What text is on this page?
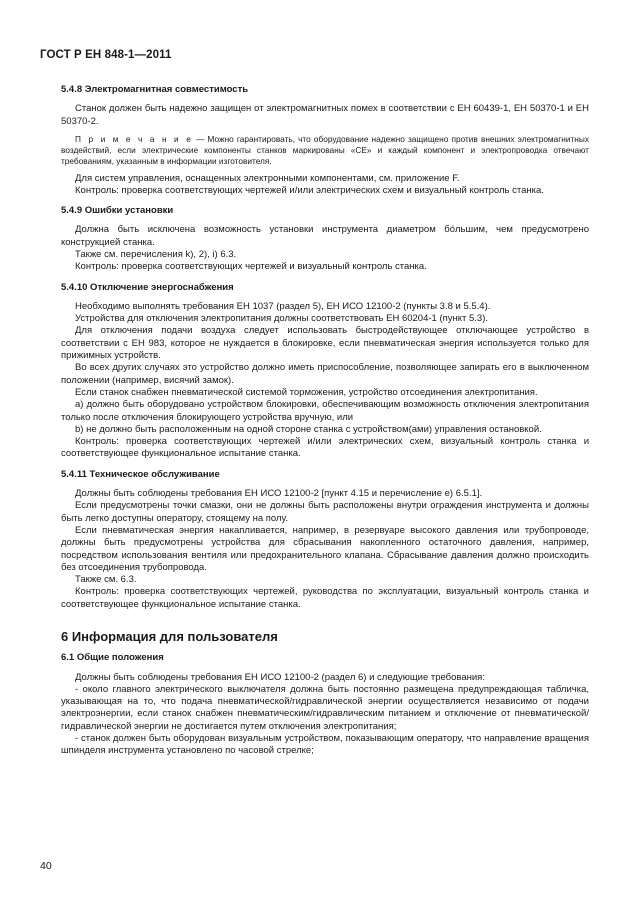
ГОСТ Р ЕН 848-1—2011
5.4.8 Электромагнитная совместимость

Станок должен быть надежно защищен от электромагнитных помех в соответствии с ЕН 60439-1, ЕН 50370-1 и ЕН 50370-2.

П р и м е ч а н и е — Можно гарантировать, что оборудование надежно защищено против внешних электромагнитных воздействий, если электрические компоненты станков маркированы «СЕ» и каждый компонент и электропроводка отвечают требованиям, указанным в информации изготовителя.

Для систем управления, оснащенных электронными компонентами, см. приложение F.

Контроль: проверка соответствующих чертежей и/или электрических схем и визуальный контроль станка.

5.4.9 Ошибки установки

Должна быть исключена возможность установки инструмента диаметром бóльшим, чем предусмотрено конструкцией станка.

Также см. перечисления k), 2), i) 6.3.

Контроль: проверка соответствующих чертежей и визуальный контроль станка.

5.4.10 Отключение энергоснабжения

Необходимо выполнять требования ЕН 1037 (раздел 5), ЕН ИСО 12100-2 (пункты 3.8 и 5.5.4).

Устройства для отключения электропитания должны соответствовать ЕН 60204-1 (пункт 5.3).

Для отключения подачи воздуха следует использовать быстродействующее отключающее устройство в соответствии с ЕН 983, которое не нуждается в блокировке, если пневматическая энергия используется только для прижимных устройств.

Во всех других случаях это устройство должно иметь приспособление, позволяющее запирать его в выключенном положении (например, висячий замок).

Если станок снабжен пневматической системой торможения, устройство отсоединения электропитания.

а) должно быть оборудовано устройством блокировки, обеспечивающим возможность отключения электропитания только после отключения блокирующего устройства вручную, или

b) не должно быть расположенным на одной стороне станка с устройством(ами) управления остановкой.

Контроль: проверка соответствующих чертежей и/или электрических схем, визуальный контроль станка и соответствующее функциональное испытание станка.

5.4.11 Техническое обслуживание

Должны быть соблюдены требования ЕН ИСО 12100-2 [пункт 4.15 и перечисление е) 6.5.1].

Если предусмотрены точки смазки, они не должны быть расположены внутри ограждения инструмента и должны быть легко доступны оператору, стоящему на полу.

Если пневматическая энергия накапливается, например, в резервуаре высокого давления или трубопроводе, должны быть предусмотрены устройства для сбрасывания накопленного остаточного давления, например, посредством использования вентиля или предохранительного клапана. Сбрасывание давления должно происходить без отсоединения трубопровода.

Также см. 6.3.

Контроль: проверка соответствующих чертежей, руководства по эксплуатации, визуальный контроль станка и соответствующее функциональное испытание станка.

6 Информация для пользователя
6.1 Общие положения

Должны быть соблюдены требования ЕН ИСО 12100-2 (раздел 6) и следующие требования:

- около главного электрического выключателя должна быть постоянно размещена предупреждающая табличка, указывающая на то, что подача пневматической/гидравлической энергии осуществляется независимо от подачи электроэнергии, если станок снабжен пневматическим/гидравлическим питанием и отключение от пневматической/гидравлической энергии не достигается путем отключения электропитания;

- станок должен быть оборудован визуальным устройством, показывающим оператору, что направление вращения шпинделя инструмента установлено по часовой стрелке;

40
